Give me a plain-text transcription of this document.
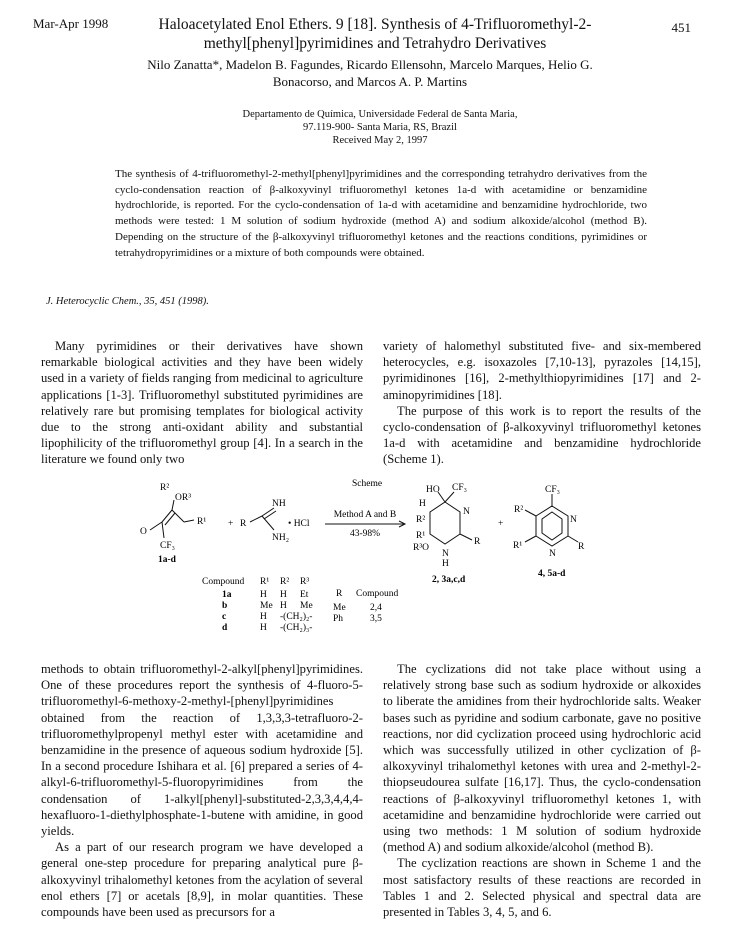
Mar-Apr 1998	Haloacetylated Enol Ethers. 9 [18]. Synthesis of 4-Trifluoromethyl-2-methyl[phenyl]pyrimidines and Tetrahydro Derivatives
451
Nilo Zanatta*, Madelon B. Fagundes, Ricardo Ellensohn, Marcelo Marques, Helio G. Bonacorso, and Marcos A. P. Martins
Departamento de Química, Universidade Federal de Santa Maria,
97.119-900- Santa Maria, RS, Brazil
Received May 2, 1997
The synthesis of 4-trifluoromethyl-2-methyl[phenyl]pyrimidines and the corresponding tetrahydro derivatives from the cyclo-condensation reaction of β-alkoxyvinyl trifluoromethyl ketones 1a-d with acetamidine or benzamidine hydrochloride, is reported. For the cyclo-condensation of 1a-d with acetamidine and benzamidine hydrochloride, two methods were tested: 1 M solution of sodium hydroxide (method A) and sodium alkoxide/alcohol (method B). Depending on the structure of the β-alkoxyvinyl trifluoromethyl ketones and the reactions conditions, pyrimidines or tetrahydropyrimidines or a mixture of both compounds were obtained.
J. Heterocyclic Chem., 35, 451 (1998).

Many pyrimidines or their derivatives have shown remarkable biological activities and they have been widely used in a variety of fields ranging from medicinal to agriculture applications [1-3]. Trifluoromethyl substituted pyrimidines are relatively rare but promising templates for biological activity due to the strong anti-oxidant ability and substantial lipophilicity of the trifluoromethyl group [4]. In a search in the literature we found only two

variety of halomethyl substituted five- and six-membered heterocycles, e.g. isoxazoles [7,10-13], pyrazoles [14,15], pyrimidinones [16], 2-methylthiopyrimidines [17] and 2-aminopyrimidines [18].

The purpose of this work is to report the results of the cyclo-condensation of β-alkoxyvinyl trifluoromethyl ketones 1a-d with acetamidine and benzamidine hydrochloride (Scheme 1).

Scheme
R²
OR³
R¹
O
CF₃
1a-d
+ R
NH
NH₂
• HCl
Method A and B
43-98%
HO CF₃
H
N
R²
R¹
R³O
R
N
H
2, 3a,c,d
+
CF₃
R²
N
R¹	R
N
4, 5a-d
Compound R¹ R² R³
1a	H H Et
b	Me H Me
c	H -(CH₂)₂-
d	H -(CH₂)₃-
R Compound
Me	2,4
Ph	3,5

methods to obtain trifluoromethyl-2-alkyl[phenyl]pyrimidines. One of these procedures report the synthesis of 4-fluoro-5-trifluoromethyl-6-methoxy-2-methyl-[phenyl]pyrimidines obtained from the reaction of 1,3,3,3-tetrafluoro-2-trifluoromethylpropenyl methyl ester with acetamidine and benzamidine in the presence of aqueous sodium hydroxide [5]. In a second procedure Ishihara et al. [6] prepared a series of 4-alkyl-6-trifluoromethyl-5-fluoropyrimidines from the condensation of 1-alkyl[phenyl]-substituted-2,3,3,4,4,4-hexafluoro-1-diethylphosphate-1-butene with amidine, in good yields.

As a part of our research program we have developed a general one-step procedure for preparing analytical pure β-alkoxyvinyl trihalomethyl ketones from the acylation of several enol ethers [7] or acetals [8,9], in molar quantities. These compounds have been used as precursors for a

The cyclizations did not take place without using a relatively strong base such as sodium hydroxide or alkoxides to liberate the amidines from their hydrochloride salts. Weaker bases such as pyridine and sodium carbonate, gave no positive reactions, nor did cyclization proceed using hydrochloric acid which was successfully utilized in other cyclization of β-alkoxyvinyl trihalomethyl ketones with urea and 2-methyl-2-thiopseudourea sulfate [16,17]. Thus, the cyclo-condensation reactions of β-alkoxyvinyl trifluoromethyl ketones 1, with acetamidine and benzamidine hydrochloride were carried out using two methods: 1 M solution of sodium hydroxide (method A) and sodium alkoxide/alcohol (method B).

The cyclization reactions are shown in Scheme 1 and the most satisfactory results of these reactions are recorded in Tables 1 and 2. Selected physical and spectral data are presented in Tables 3, 4, 5, and 6.
